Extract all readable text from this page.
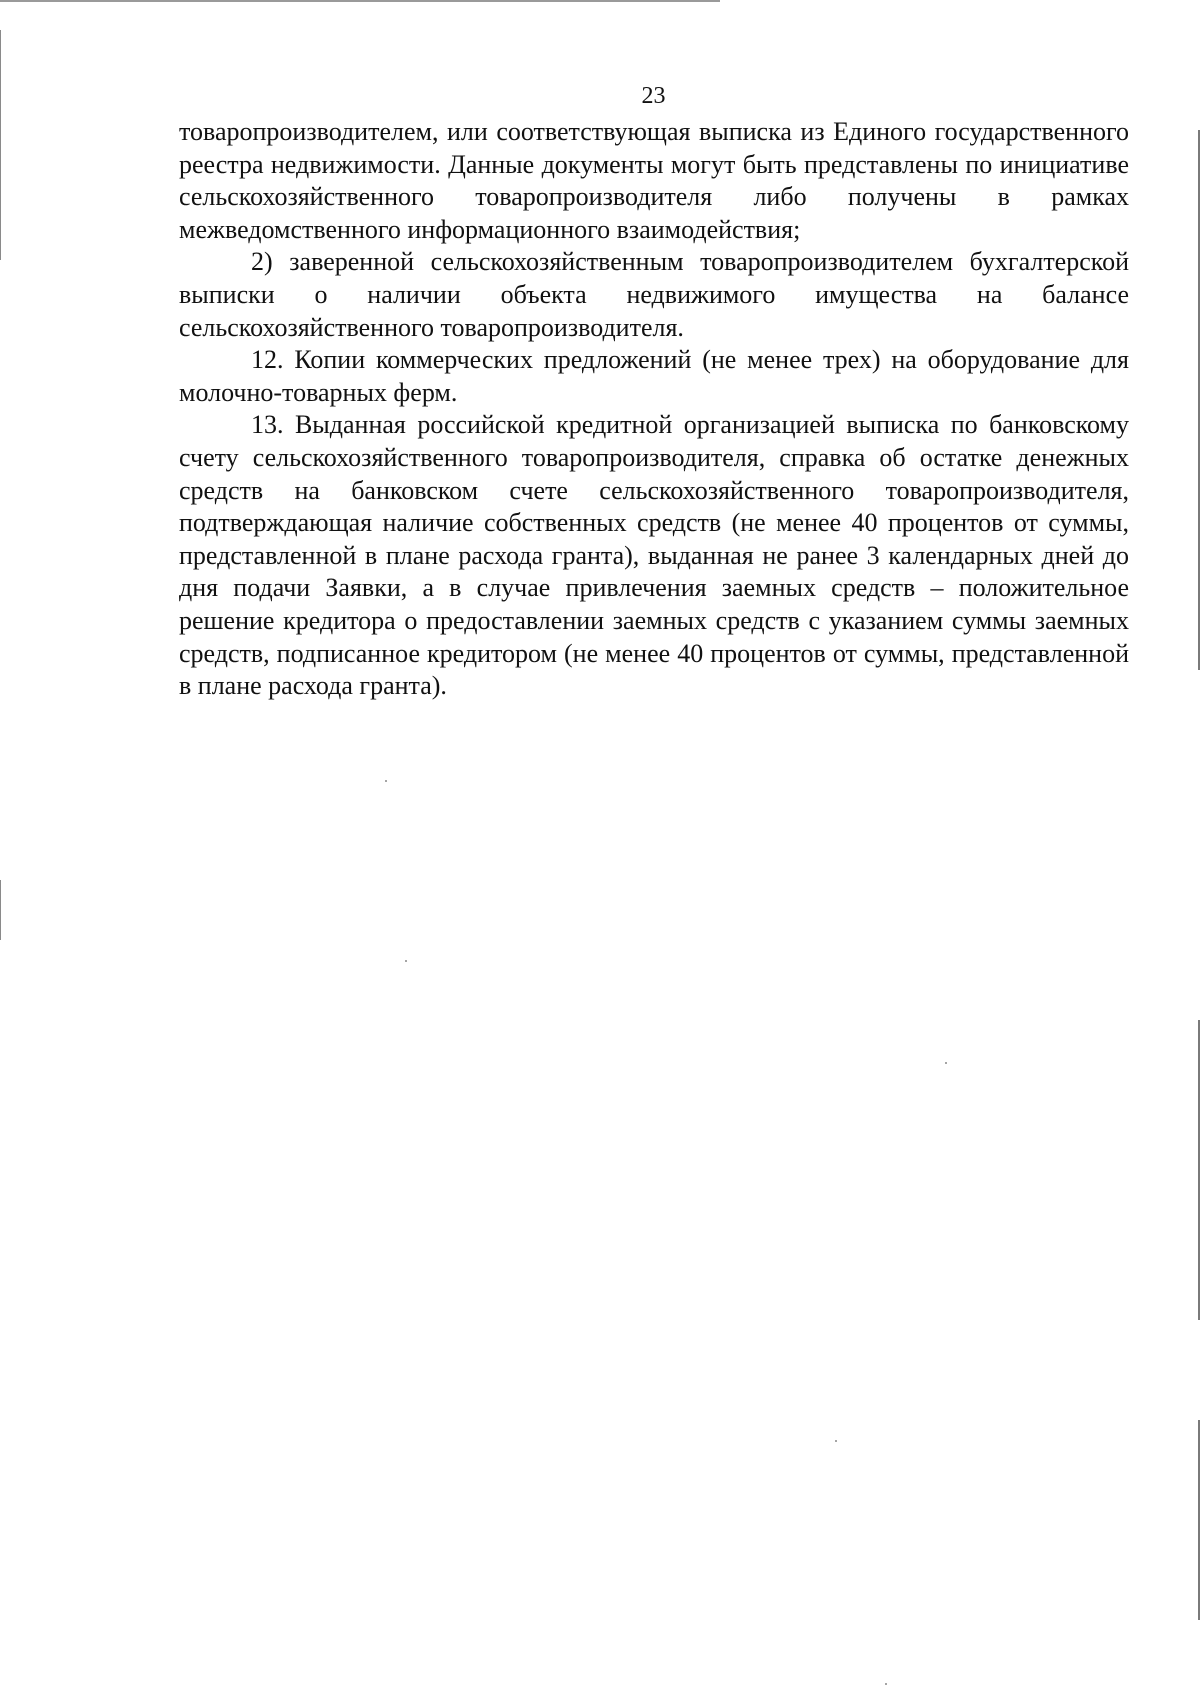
23

товаропроизводителем, или соответствующая выписка из Единого государственного реестра недвижимости. Данные документы могут быть представлены по инициативе сельскохозяйственного товаропроизводителя либо получены в рамках межведомственного информационного взаимодействия;

2) заверенной сельскохозяйственным товаропроизводителем бухгалтерской выписки о наличии объекта недвижимого имущества на балансе сельскохозяйственного товаропроизводителя.

12. Копии коммерческих предложений (не менее трех) на оборудование для молочно-товарных ферм.

13. Выданная российской кредитной организацией выписка по банковскому счету сельскохозяйственного товаропроизводителя, справка об остатке денежных средств на банковском счете сельскохозяйственного товаропроизводителя, подтверждающая наличие собственных средств (не менее 40 процентов от суммы, представленной в плане расхода гранта), выданная не ранее 3 календарных дней до дня подачи Заявки, а в случае привлечения заемных средств – положительное решение кредитора о предоставлении заемных средств с указанием суммы заемных средств, подписанное кредитором (не менее 40 процентов от суммы, представленной в плане расхода гранта).
